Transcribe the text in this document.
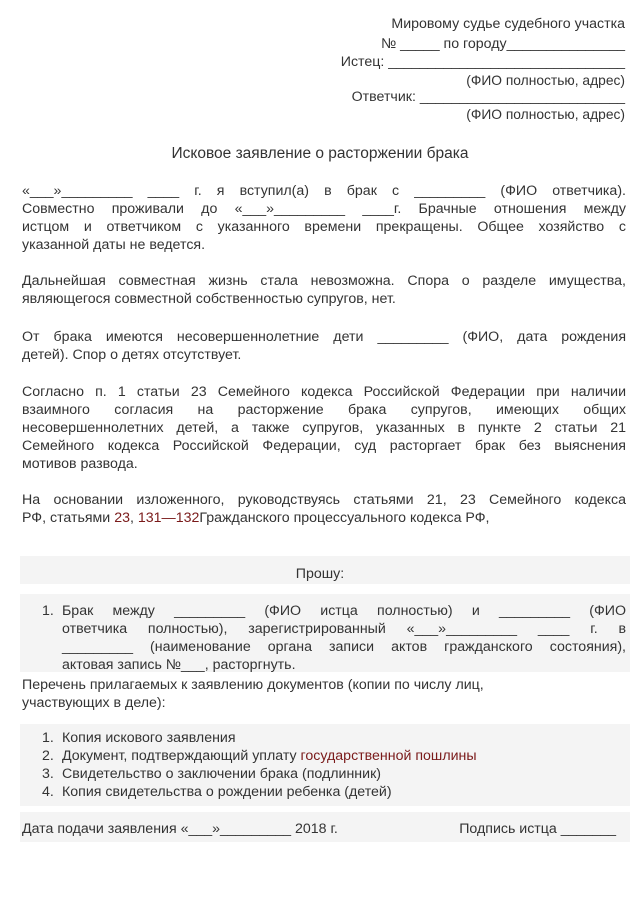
Мировому судье судебного участка
№ _____ по городу_______________
Истец: ______________________________
(ФИО полностью, адрес)
Ответчик: __________________________
(ФИО полностью, адрес)
Исковое заявление о расторжении брака
«___»_________ ____ г. я вступил(а) в брак с _________ (ФИО ответчика).
Совместно проживали до «___»_________ ____г. Брачные отношения между
истцом и ответчиком с указанного времени прекращены. Общее хозяйство с
указанной даты не ведется.
Дальнейшая совместная жизнь стала невозможна. Спора о разделе имущества,
являющегося совместной собственностью супругов, нет.
От брака имеются несовершеннолетние дети _________ (ФИО, дата рождения
детей). Спор о детях отсутствует.
Согласно п. 1 статьи 23 Семейного кодекса Российской Федерации при наличии
взаимного согласия на расторжение брака супругов, имеющих общих
несовершеннолетних детей, а также супругов, указанных в пункте 2 статьи 21
Семейного кодекса Российской Федерации, суд расторгает брак без выяснения
мотивов развода.
На основании изложенного, руководствуясь статьями 21, 23 Семейного кодекса
РФ, статьями 23, 131—132Гражданского процессуального кодекса РФ,
Прошу:
1. Брак между _________ (ФИО истца полностью) и _________ (ФИО
ответчика полностью), зарегистрированный «___»_________ ____ г. в
_________ (наименование органа записи актов гражданского состояния),
актовая запись №___, расторгнуть.
Перечень прилагаемых к заявлению документов (копии по числу лиц,
участвующих в деле):
1. Копия искового заявления
2. Документ, подтверждающий уплату государственной пошлины
3. Свидетельство о заключении брака (подлинник)
4. Копия свидетельства о рождении ребенка (детей)
Дата подачи заявления «___»_________ 2018 г.	Подпись истца _______
